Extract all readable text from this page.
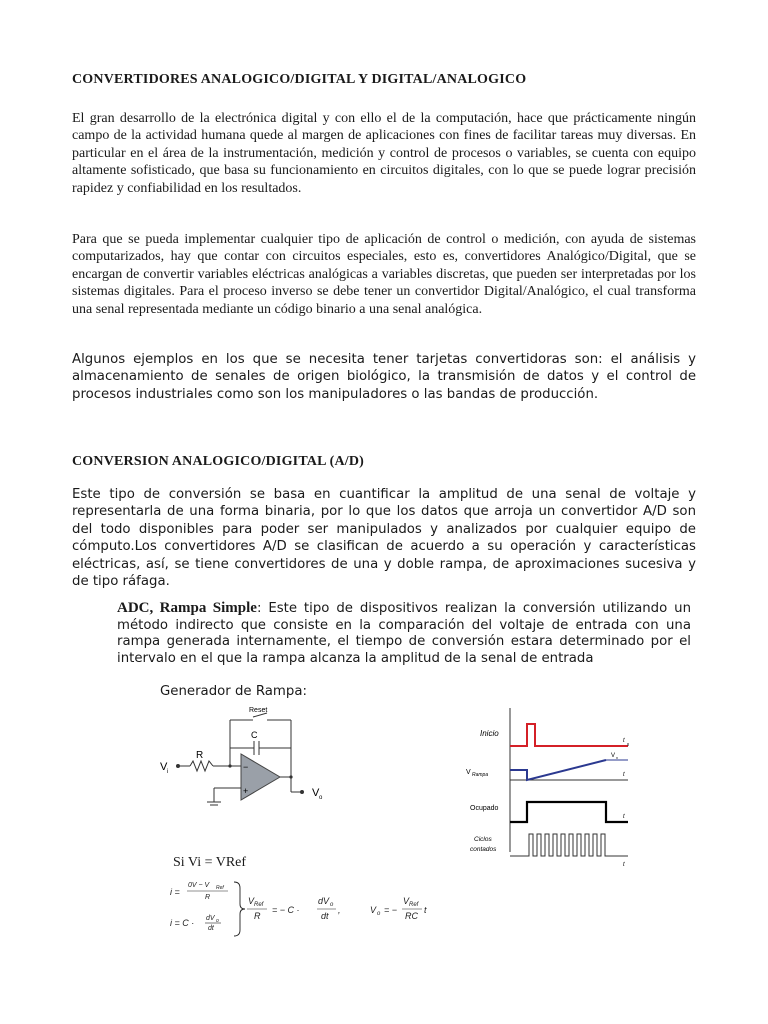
CONVERTIDORES ANALOGICO/DIGITAL Y DIGITAL/ANALOGICO

El gran desarrollo de la electrónica digital y con ello el de la computación, hace que prácticamente ningún campo de la actividad humana quede al margen de aplicaciones con fines de facilitar tareas muy diversas. En particular en el área de la instrumentación, medición y control de procesos o variables, se cuenta con equipo altamente sofisticado, que basa su funcionamiento en circuitos digitales, con lo que se puede lograr precisión rapidez y confiabilidad en los resultados.

Para que se pueda implementar cualquier tipo de aplicación de control o medición, con ayuda de sistemas computarizados, hay que contar con circuitos especiales, esto es, convertidores Analógico/Digital, que se encargan de convertir variables eléctricas analógicas a variables discretas, que pueden ser interpretadas por los sistemas digitales. Para el proceso inverso se debe tener un convertidor Digital/Analógico, el cual transforma una senal representada mediante un código binario a una senal analógica.

Algunos ejemplos en los que se necesita tener tarjetas convertidoras son: el análisis y almacenamiento de senales de origen biológico, la transmisión de datos y el control de procesos industriales como son los manipuladores o las bandas de producción.

CONVERSION ANALOGICO/DIGITAL (A/D)

Este tipo de conversión se basa en cuantificar la amplitud de una senal de voltaje y representarla de una forma binaria, por lo que los datos que arroja un convertidor A/D son del todo disponibles para poder ser manipulados y analizados por cualquier equipo de cómputo.Los convertidores A/D se clasifican de acuerdo a su operación y características eléctricas, así, se tiene convertidores de una y doble rampa, de aproximaciones sucesiva y de tipo ráfaga.

ADC, Rampa Simple: Este tipo de dispositivos realizan la conversión utilizando un método indirecto que consiste en la comparación del voltaje de entrada con una rampa generada internamente, el tiempo de conversión estara determinado por el intervalo en el que la rampa alcanza la amplitud de la senal de entrada

Generador de Rampa:

Reset
C
R
V i
V o
−
+
Inicio
t
V Rampa	t
V x
Ocupado
t
Ciclos
contados
t

Si Vi = VRef

i =
0V − V Ref
R
i = C · dV o
dt
V Ref
R
= − C ·
dV o
dt
,	V o = −
V Ref
RC
t
